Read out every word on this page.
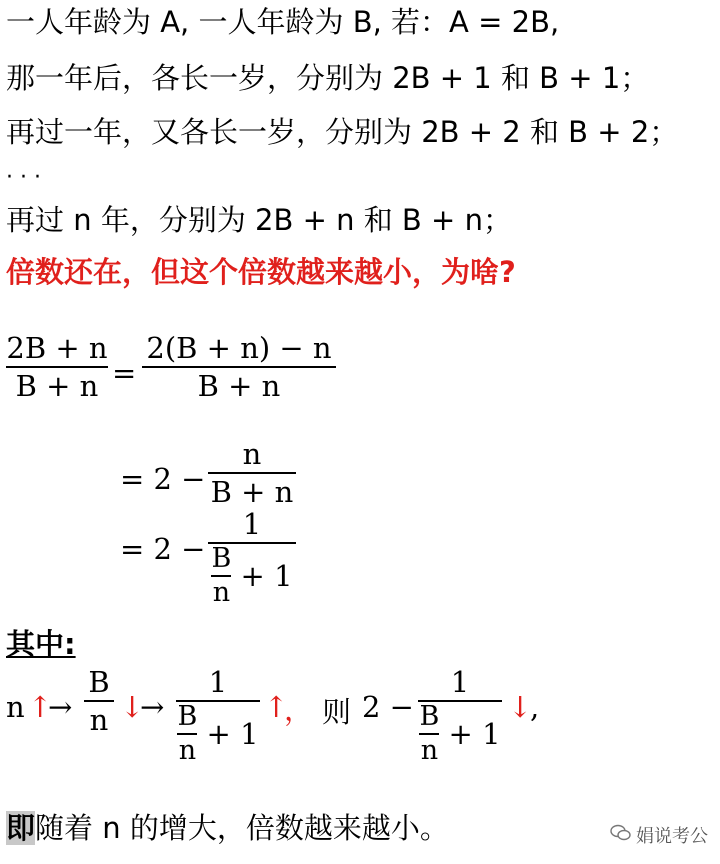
一人年龄为 A, 一人年龄为 B, 若：A = 2B,
那一年后，各长一岁，分别为 2B + 1 和 B + 1；
再过一年，又各长一岁，分别为 2B + 2 和 B + 2；
· · ·
再过 n 年，分别为 2B + n 和 B + n；
倍数还在，但这个倍数越来越小，为啥?
2B + n
B + n =
2(B + n) − n
B + n
= 2 −
n
B + n
= 2 −
1
$\frac{B}{n} + 1$
其中:
n ↑
→
B
n ↓
→
1
$\frac{B}{n} + 1$
↑
， 则 2 −
1
$\frac{B}{n} + 1$
↓
,
即随着 n 的增大，倍数越来越小。	娟说考公
